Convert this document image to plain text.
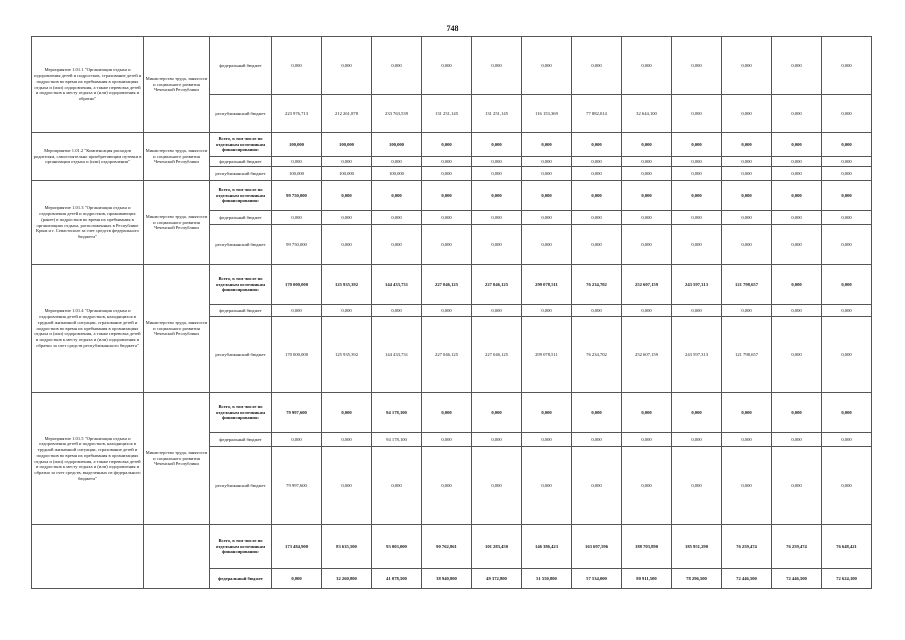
748
Мероприятие 1.01.1 "Организация отдыха и оздоровления детей и подростков, страхование детей и подростков во время их пребывания в организациях отдыха и (или) оздоровления, а также перевозка детей и подростков к месту отдыха и (или) оздоровления и обратно"	Министерство труда, занятости и социального развития Чеченской Республики	федеральный бюджет	0,000	0,000	0,000	0,000	0,000	0,000	0,000	0,000	0,000	0,000	0,000	0,000
		республиканский бюджет	223 976,713	212 261,878	233 763,539	131 251,145	131 251,145	116 153,369	77 882,014	32 644,100	0,000	0,000	0,000	0,000
Мероприятие 1.01.2 "Компенсация расходов родителям, самостоятельно приобретающим путевки в организации отдыха и (или) оздоровления"	Министерство труда, занятости и социального развития Чеченской Республики	Всего, в том числе по отдельным источникам финансирования:	100,000	100,000	100,000	0,000	0,000	0,000	0,000	0,000	0,000	0,000	0,000	0,000
		федеральный бюджет	0,000	0,000	0,000	0,000	0,000	0,000	0,000	0,000	0,000	0,000	0,000	0,000
		республиканский бюджет	100,000	100,000	100,000	0,000	0,000	0,000	0,000	0,000	0,000	0,000	0,000	0,000
Мероприятие 1.01.3 "Организация отдыха и оздоровления детей и подростков, проживающих (ранее) в подростков во время их пребывания в организациях отдыха, расположенных в Республике Крым и г. Севастополе за счет средств федерального бюджета"	Министерство труда, занятости и социального развития Чеченской Республики	Всего, в том числе по отдельным источникам финансирования:	99 750,000	0,000	0,000	0,000	0,000	0,000	0,000	0,000	0,000	0,000	0,000	0,000
		федеральный бюджет	0,000	0,000	0,000	0,000	0,000	0,000	0,000	0,000	0,000	0,000	0,000	0,000
		республиканский бюджет	99 750,000	0,000	0,000	0,000	0,000	0,000	0,000	0,000	0,000	0,000	0,000	0,000
Мероприятие 1.01.4 "Организация отдыха и оздоровления детей и подростков, находящихся в трудной жизненной ситуации, страхование детей и подростков во время их пребывания в организациях отдыха и (или) оздоровления, а также перевозка детей и подростков к месту отдыха и (или) оздоровления и обратно за счет средств республиканского бюджета"	Министерство труда, занятости и социального развития Чеченской Республики	Всего, в том числе по отдельным источникам финансирования:	170 000,000	125 935,392	144 433,731	227 046,125	227 046,125	299 078,511	76 234,702	252 607,159	243 597,313	121 798,657	0,000	0,000
		федеральный бюджет	0,000	0,000	0,000	0,000	0,000	0,000	0,000	0,000	0,000	0,000	0,000	0,000
		республиканский бюджет	170 000,000	125 935,392	144 433,731	227 046,125	227 046,125	299 078,511	76 234,702	252 607,159	243 597,313	121 798,657	0,000	0,000
Мероприятие 1.01.5 "Организация отдыха и оздоровления детей и подростков, находящихся в трудной жизненной ситуации, страхование детей и подростков во время их пребывания в организациях отдыха и (или) оздоровления, а также перевозка детей и подростков к месту отдыха и (или) оздоровления и обратно за счет средств, выделенных из федерального бюджета"	Министерство труда, занятости и социального развития Чеченской Республики	Всего, в том числе по отдельным источникам финансирования:	79 997,600	0,000	94 178,100	0,000	0,000	0,000	0,000	0,000	0,000	0,000	0,000	0,000
		федеральный бюджет	0,000	0,000	94 178,100	0,000	0,000	0,000	0,000	0,000	0,000	0,000	0,000	0,000
		республиканский бюджет	79 997,600	0,000	0,000	0,000	0,000	0,000	0,000	0,000	0,000	0,000	0,000	0,000
		Всего, в том числе по отдельным источникам финансирования:	173 484,900	83 635,500	93 003,000	90 762,861	101 283,450	146 386,423	163 697,596	188 703,890	185 951,290	76 259,474	76 259,474	76 648,421
		федеральный бюджет	0,000	32 260,800	41 078,500	38 940,800	49 372,800	51 550,800	57 534,000	80 911,500	78 296,500	72 446,500	72 446,500	72 624,100
